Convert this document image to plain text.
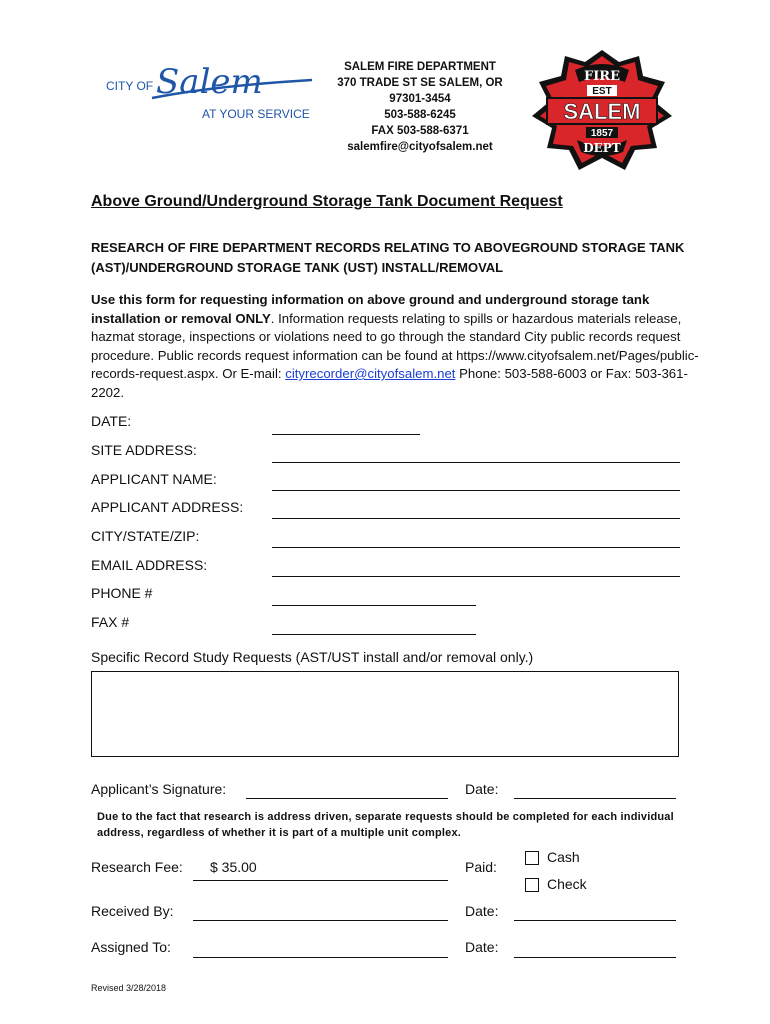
CITY OF Salem
AT YOUR SERVICE
SALEM FIRE DEPARTMENT
370 TRADE ST SE SALEM, OR
97301-3454
503-588-6245
FAX 503-588-6371
salemfire@cityofsalem.net
FIRE
EST
SALEM
1857
DEPT
Above Ground/Underground Storage Tank Document Request
RESEARCH OF FIRE DEPARTMENT RECORDS RELATING TO ABOVEGROUND STORAGE TANK (AST)/UNDERGROUND STORAGE TANK (UST) INSTALL/REMOVAL
Use this form for requesting information on above ground and underground storage tank installation or removal ONLY. Information requests relating to spills or hazardous materials release, hazmat storage, inspections or violations need to go through the standard City public records request procedure. Public records request information can be found at https://www.cityofsalem.net/Pages/public-records-request.aspx. Or E-mail: cityrecorder@cityofsalem.net Phone: 503-588-6003 or Fax: 503-361-2202.
DATE:
SITE ADDRESS:
APPLICANT NAME:
APPLICANT ADDRESS:
CITY/STATE/ZIP:
EMAIL ADDRESS:
PHONE #
FAX #
Specific Record Study Requests (AST/UST install and/or removal only.)
Applicant’s Signature:	Date:
Due to the fact that research is address driven, separate requests should be completed for each individual address, regardless of whether it is part of a multiple unit complex.
Research Fee: $ 35.00	Paid:
Cash
Check
Received By:	Date:
Assigned To:	Date:
Revised 3/28/2018
